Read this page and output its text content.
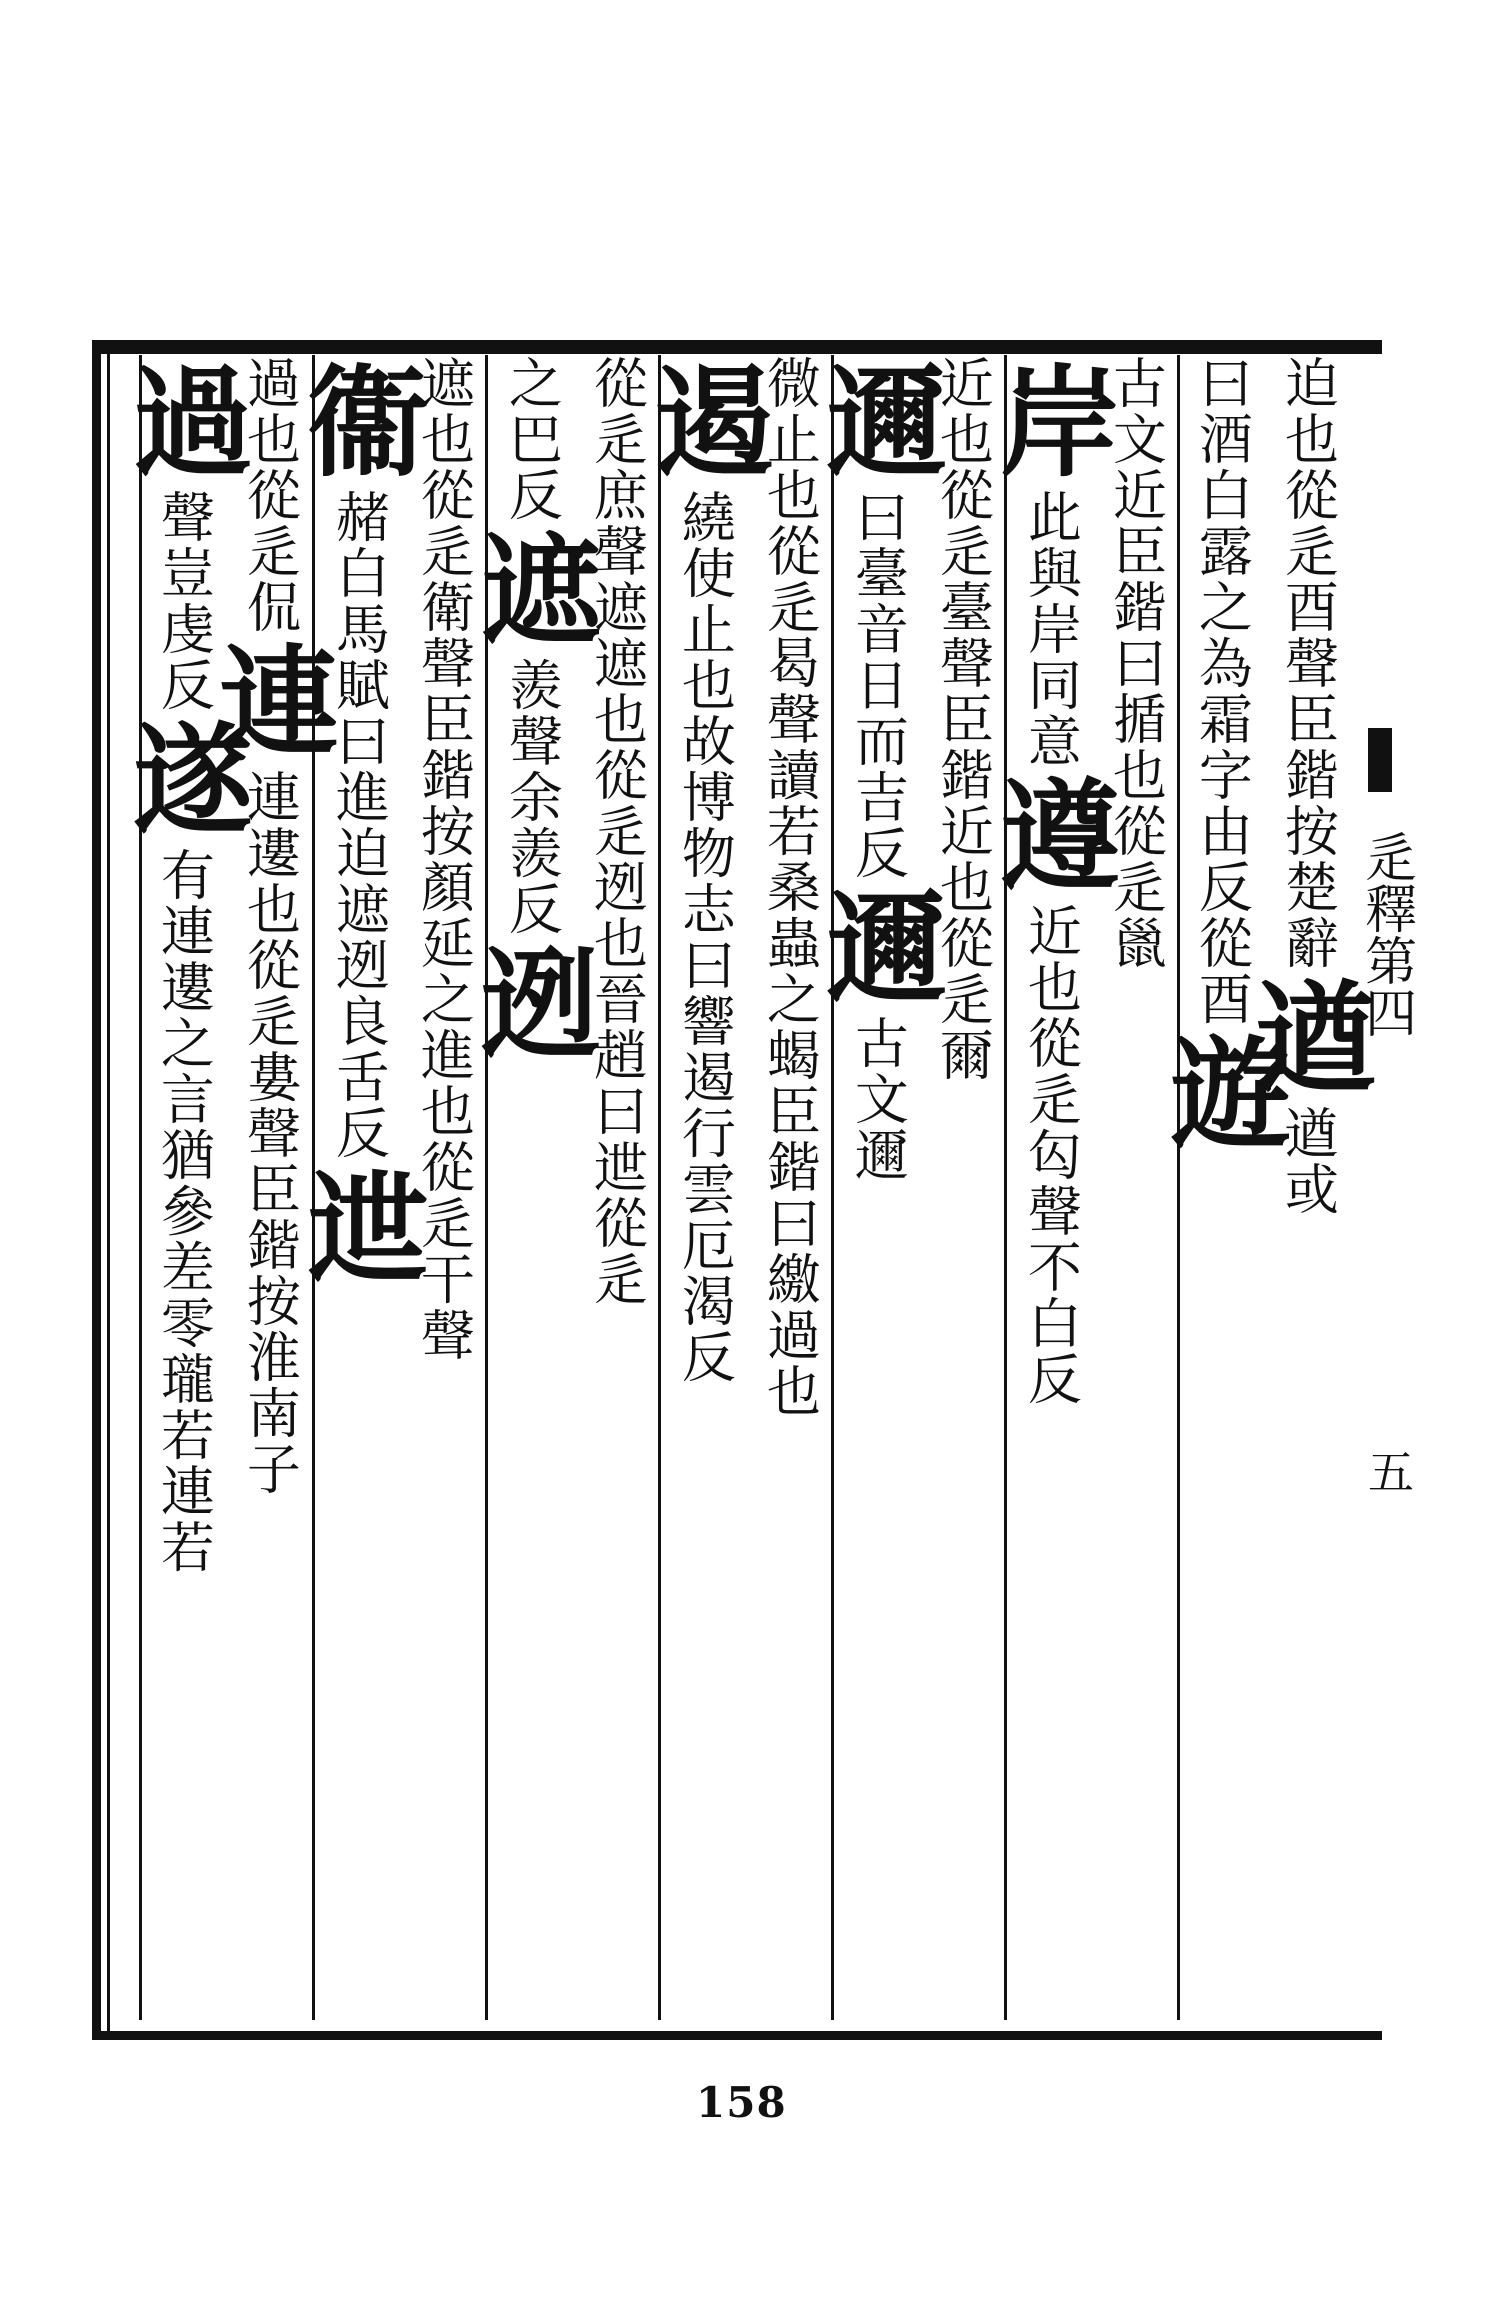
辵釋第四
五
迫也從辵酉聲臣鍇按楚辭
遒
遒或
曰酒白露之為霜字由反
從酉
遊
古文近臣鍇曰
揗也從辵巤
岸
此與岸同意
遵
近也從辵匃聲不白反
近也從辵臺聲臣鍇
近也從辵爾
邇
曰臺音日而吉反
邇
古文邇
微止也從辵曷聲讀若桑蟲之蝎臣鍇曰繳
過也
遏
繞使止也故博物志曰響遏行雲厄渴反
從辵庶聲
遮遮也從辵
迾也晉趙曰迣從辵
之巴反
遮
羨聲余羨反
迾
遮也從辵衛聲臣鍇按顏延之
進也從辵干聲
衞
赭白馬賦曰進迫遮迾良舌反
迣
過也從辵侃
連
連遱也從辵婁聲臣鍇按淮南子
過
聲豈虔反
遂
有連遱之言猶參差零瓏若連若
158
